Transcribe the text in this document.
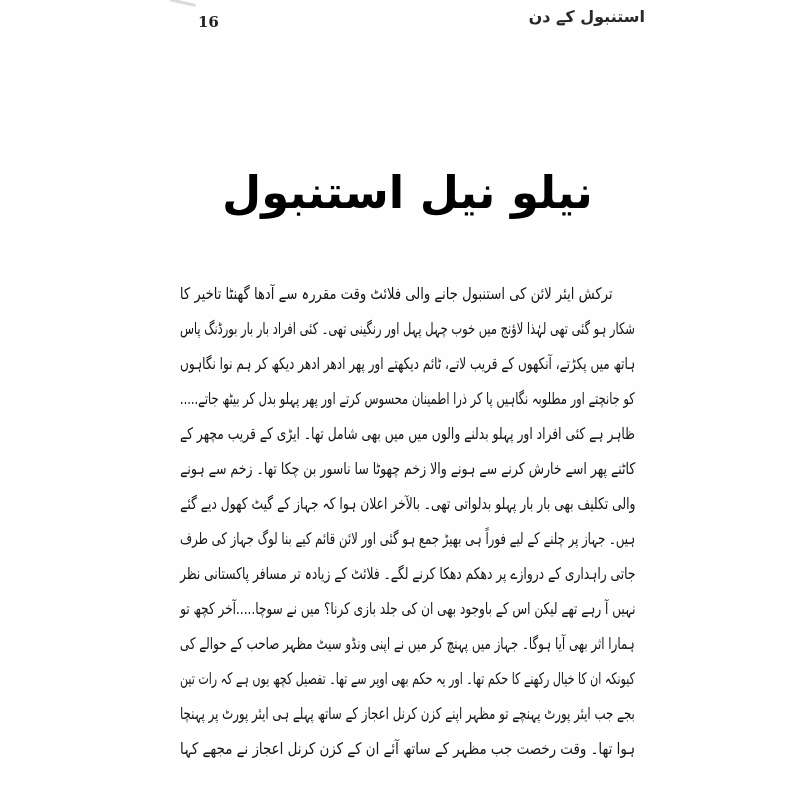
16	استنبول کے دن
نیلو نیل استنبول
ترکش ایئر لائن کی استنبول جانے والی فلائٹ وقت مقررہ سے آدھا گھنٹا تاخیر کا
شکار ہو گئی تھی لہٰذا لاؤنج میں خوب چہل پہل اور رنگینی تھی۔ کئی افراد بار بار بورڈنگ پاس
ہاتھ میں پکڑتے، آنکھوں کے قریب لاتے، ٹائم دیکھتے اور پھر ادھر ادھر دیکھ کر ہم نوا نگاہوں
کو جانچتے اور مطلوبہ نگاہیں پا کر ذرا اطمینان محسوس کرتے اور پھر پہلو بدل کر بیٹھ جاتے.....
ظاہر ہے کئی افراد اور پہلو بدلنے والوں میں میں بھی شامل تھا۔ ایڑی کے قریب مچھر کے
کاٹنے پھر اسے خارش کرنے سے ہونے والا زخم چھوٹا سا ناسور بن چکا تھا۔ زخم سے ہونے
والی تکلیف بھی بار بار پہلو بدلواتی تھی۔ بالآخر اعلان ہوا کہ جہاز کے گیٹ کھول دیے گئے
ہیں۔ جہاز پر چلنے کے لیے فوراً ہی بھیڑ جمع ہو گئی اور لائن قائم کیے بنا لوگ جہاز کی طرف
جاتی راہداری کے دروازے پر دھکم دھکا کرنے لگے۔ فلائٹ کے زیادہ تر مسافر پاکستانی نظر
نہیں آ رہے تھے لیکن اس کے باوجود بھی ان کی جلد بازی کرنا؟ میں نے سوچا.....آخر کچھ تو
ہمارا اثر بھی آیا ہوگا۔ جہاز میں پہنچ کر میں نے اپنی ونڈو سیٹ مظہر صاحب کے حوالے کی
کیونکہ ان کا خیال رکھنے کا حکم تھا۔ اور یہ حکم بھی اوپر سے تھا۔ تفصیل کچھ یوں ہے کہ رات تین
بجے جب ایئر پورٹ پہنچے تو مظہر اپنے کزن کرنل اعجاز کے ساتھ پہلے ہی ایئر پورٹ پر پہنچا
ہوا تھا۔ وقت رخصت جب مظہر کے ساتھ آئے ان کے کزن کرنل اعجاز نے مجھے کہا
